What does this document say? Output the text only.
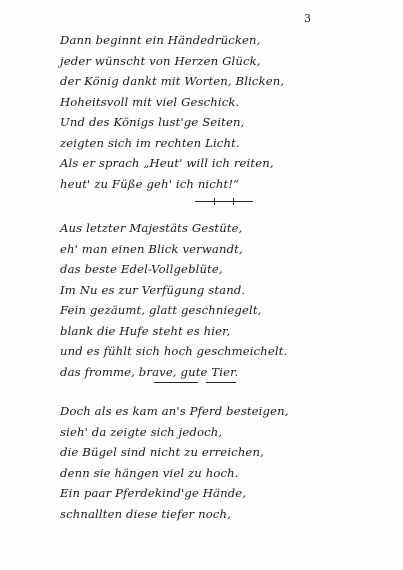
3
Dann beginnt ein Händedrücken,
jeder wünscht von Herzen Glück,
der König dankt mit Worten, Blicken,
Hoheitsvoll mit viel Geschick.
Und des Königs lust'ge Seiten,
zeigten sich im rechten Licht.
Als er sprach „Heut' will ich reiten,
heut' zu Füße geh' ich nicht!“
Aus letzter Majestäts Gestüte,
eh' man einen Blick verwandt,
das beste Edel-Vollgeblüte,
Im Nu es zur Verfügung stand.
Fein gezäumt, glatt geschniegelt,
blank die Hufe steht es hier,
und es fühlt sich hoch geschmeichelt.
das fromme, brave, gute Tier.
Doch als es kam an's Pferd besteigen,
sieh' da zeigte sich jedoch,
die Bügel sind nicht zu erreichen,
denn sie hängen viel zu hoch.
Ein paar Pferdekind'ge Hände,
schnallten diese tiefer noch,
